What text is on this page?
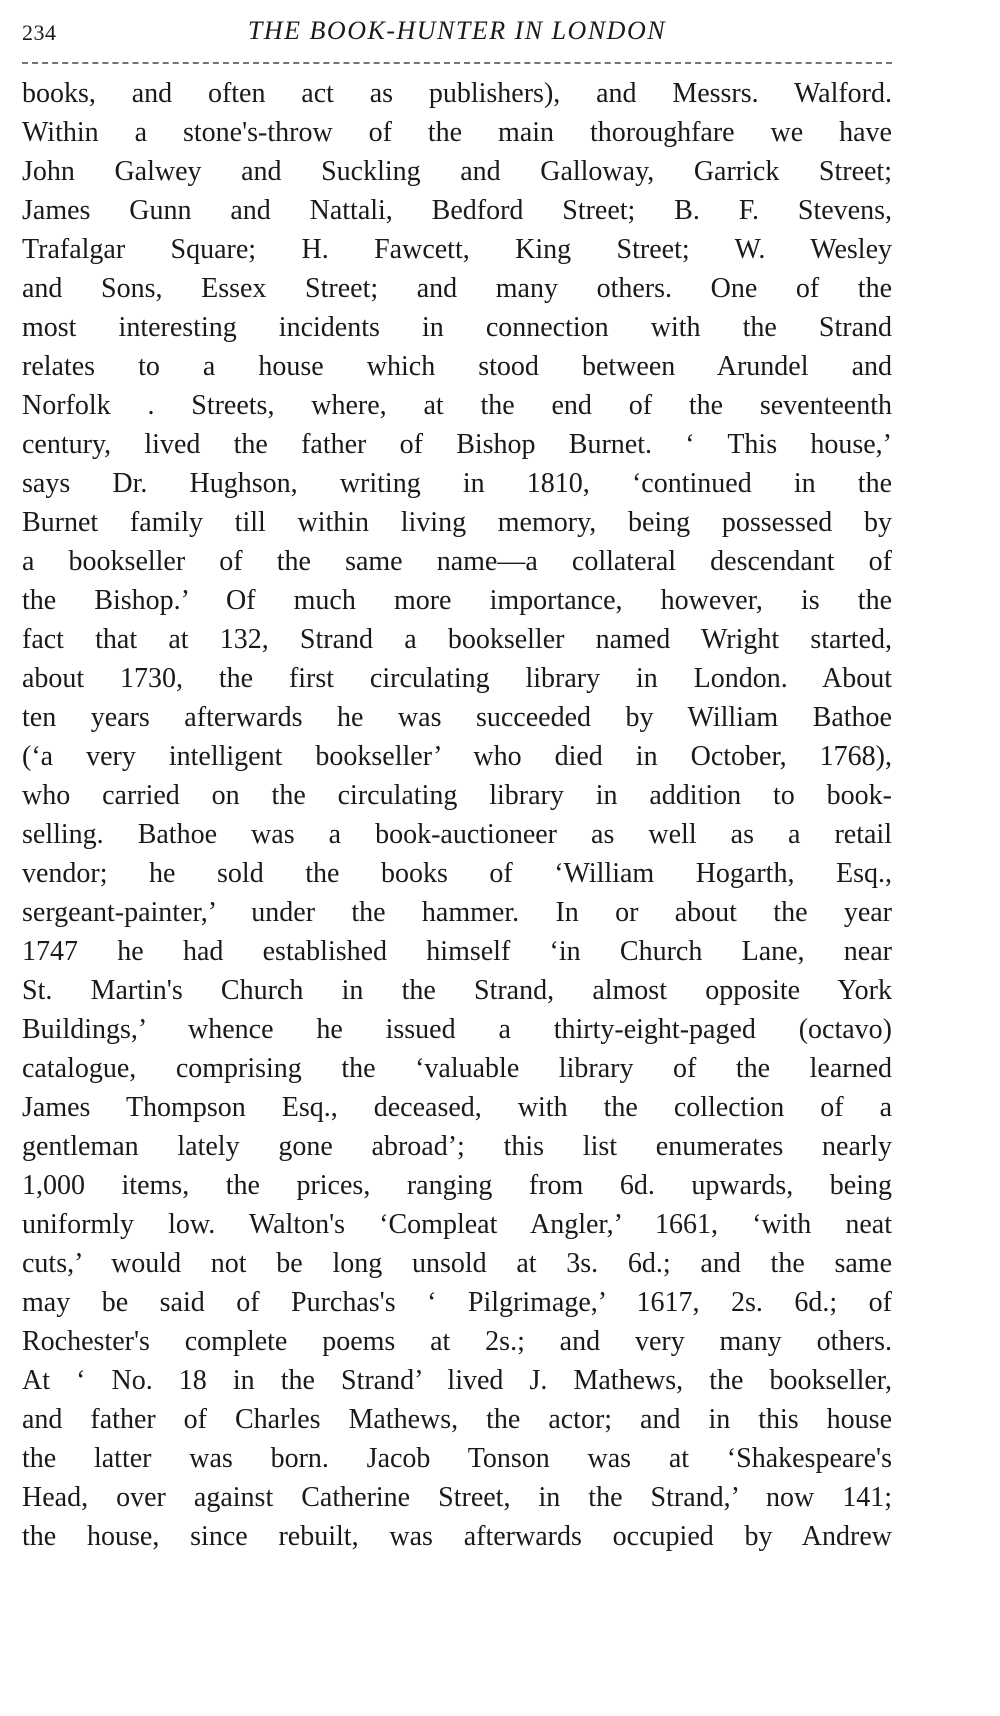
234	THE BOOK-HUNTER IN LONDON
books, and often act as publishers), and Messrs. Walford.
Within a stone's-throw of the main thoroughfare we have
John Galwey and Suckling and Galloway, Garrick Street;
James Gunn and Nattali, Bedford Street; B. F. Stevens,
Trafalgar Square; H. Fawcett, King Street; W. Wesley
and Sons, Essex Street; and many others. One of the
most interesting incidents in connection with the Strand
relates to a house which stood between Arundel and
Norfolk . Streets, where, at the end of the seventeenth
century, lived the father of Bishop Burnet. ‘ This house,’
says Dr. Hughson, writing in 1810, ‘continued in the
Burnet family till within living memory, being possessed by
a bookseller of the same name—a collateral descendant of
the Bishop.’ Of much more importance, however, is the
fact that at 132, Strand a bookseller named Wright started,
about 1730, the first circulating library in London. About
ten years afterwards he was succeeded by William Bathoe
(‘a very intelligent bookseller’ who died in October, 1768),
who carried on the circulating library in addition to book-
selling. Bathoe was a book-auctioneer as well as a retail
vendor; he sold the books of ‘William Hogarth, Esq.,
sergeant-painter,’ under the hammer. In or about the year
1747 he had established himself ‘in Church Lane, near
St. Martin's Church in the Strand, almost opposite York
Buildings,’ whence he issued a thirty-eight-paged (octavo)
catalogue, comprising the ‘valuable library of the learned
James Thompson Esq., deceased, with the collection of a
gentleman lately gone abroad’; this list enumerates nearly
1,000 items, the prices, ranging from 6d. upwards, being
uniformly low. Walton's ‘Compleat Angler,’ 1661, ‘with neat
cuts,’ would not be long unsold at 3s. 6d.; and the same
may be said of Purchas's ‘ Pilgrimage,’ 1617, 2s. 6d.; of
Rochester's complete poems at 2s.; and very many others.
At ‘ No. 18 in the Strand’ lived J. Mathews, the bookseller,
and father of Charles Mathews, the actor; and in this house
the latter was born. Jacob Tonson was at ‘Shakespeare's
Head, over against Catherine Street, in the Strand,’ now 141;
the house, since rebuilt, was afterwards occupied by Andrew
